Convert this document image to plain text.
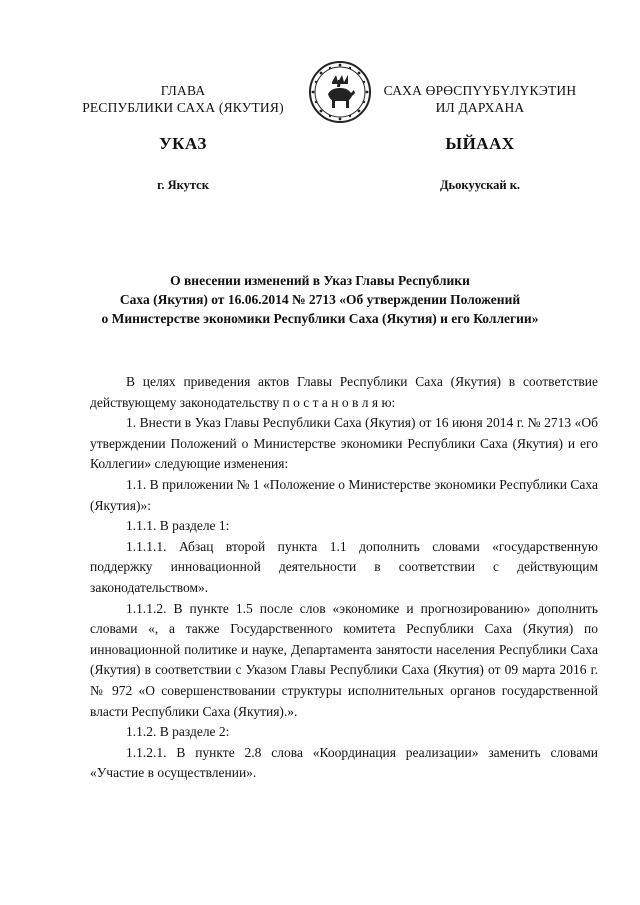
ГЛАВА
РЕСПУБЛИКИ САХА (ЯКУТИЯ)
САХА ӨРӨСПҮҮБҮЛҮКЭТИН
ИЛ ДАРХАНА
УКАЗ	ЫЙААХ
г. Якутск	Дьокуускай к.
О внесении изменений в Указ Главы Республики
Саха (Якутия) от 16.06.2014 № 2713 «Об утверждении Положений
о Министерстве экономики Республики Саха (Якутия) и его Коллегии»

В целях приведения актов Главы Республики Саха (Якутия) в соответствие действующему законодательству п о с т а н о в л я ю:

1. Внести в Указ Главы Республики Саха (Якутия) от 16 июня 2014 г. № 2713 «Об утверждении Положений о Министерстве экономики Республики Саха (Якутия) и его Коллегии» следующие изменения:

1.1. В приложении № 1 «Положение о Министерстве экономики Республики Саха (Якутия)»:

1.1.1. В разделе 1:

1.1.1.1. Абзац второй пункта 1.1 дополнить словами «государственную поддержку инновационной деятельности в соответствии с действующим законодательством».

1.1.1.2. В пункте 1.5 после слов «экономике и прогнозированию» дополнить словами «, а также Государственного комитета Республики Саха (Якутия) по инновационной политике и науке, Департамента занятости населения Республики Саха (Якутия) в соответствии с Указом Главы Республики Саха (Якутия) от 09 марта 2016 г. № 972 «О совершенствовании структуры исполнительных органов государственной власти Республики Саха (Якутия).».

1.1.2. В разделе 2:

1.1.2.1. В пункте 2.8 слова «Координация реализации» заменить словами «Участие в осуществлении».
